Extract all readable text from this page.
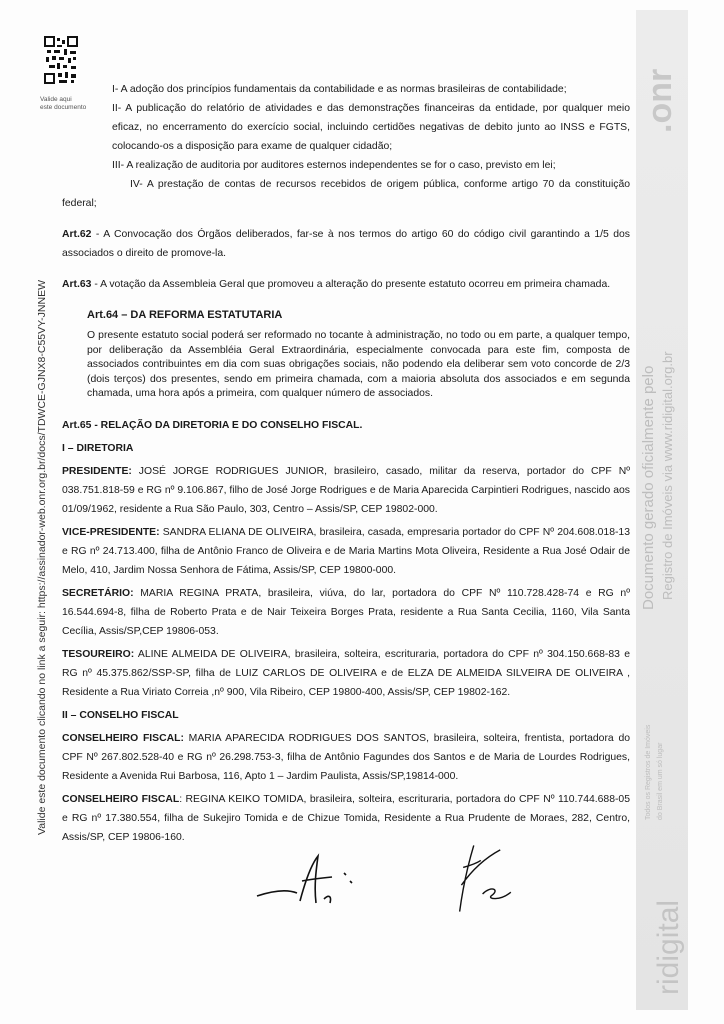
.onr
Documento gerado oficialmente pelo Registro de Imóveis via www.ridigital.org.br
Todos os Registros de Imóveis do Brasil em um só lugar
ridigital
Valide aqui
este documento
Valide este documento clicando no link a seguir: https://assinador-web.onr.org.br/docs/TDWCE-GJNX8-C55VY-JNNEW

I- A adoção dos princípios fundamentais da contabilidade e as normas brasileiras de contabilidade;

II- A publicação do relatório de atividades e das demonstrações financeiras da entidade, por qualquer meio eficaz, no encerramento do exercício social, incluindo certidões negativas de debito junto ao INSS e FGTS, colocando-os a disposição para exame de qualquer cidadão;

III- A realização de auditoria por auditores esternos independentes se for o caso, previsto em lei;

IV- A prestação de contas de recursos recebidos de origem pública, conforme artigo 70 da constituição federal;

Art.62 - A Convocação dos Órgãos deliberados, far-se à nos termos do artigo 60 do código civil garantindo a 1/5 dos associados o direito de promove-la.

Art.63 - A votação da Assembleia Geral que promoveu a alteração do presente estatuto ocorreu em primeira chamada.

Art.64 – DA REFORMA ESTATUTARIA

O presente estatuto social poderá ser reformado no tocante à administração, no todo ou em parte, a qualquer tempo, por deliberação da Assembléia Geral Extraordinária, especialmente convocada para este fim, composta de associados contribuintes em dia com suas obrigações sociais, não podendo ela deliberar sem voto concorde de 2/3 (dois terços) dos presentes, sendo em primeira chamada, com a maioria absoluta dos associados e em segunda chamada, uma hora após a primeira, com qualquer número de associados.

Art.65 - RELAÇÃO DA DIRETORIA E DO CONSELHO FISCAL.

I – DIRETORIA

PRESIDENTE: JOSÉ JORGE RODRIGUES JUNIOR, brasileiro, casado, militar da reserva, portador do CPF Nº 038.751.818-59 e RG nº 9.106.867, filho de José Jorge Rodrigues e de Maria Aparecida Carpintieri Rodrigues, nascido aos 01/09/1962, residente a Rua São Paulo, 303, Centro – Assis/SP, CEP 19802-000.

VICE-PRESIDENTE: SANDRA ELIANA DE OLIVEIRA, brasileira, casada, empresaria portador do CPF Nº 204.608.018-13 e RG nº 24.713.400, filha de Antônio Franco de Oliveira e de Maria Martins Mota Oliveira, Residente a Rua José Odair de Melo, 410, Jardim Nossa Senhora de Fátima, Assis/SP, CEP 19800-000.

SECRETÁRIO: MARIA REGINA PRATA, brasileira, viúva, do lar, portadora do CPF Nº 110.728.428-74 e RG nº 16.544.694-8, filha de Roberto Prata e de Nair Teixeira Borges Prata, residente a Rua Santa Cecilia, 1160, Vila Santa Cecília, Assis/SP,CEP 19806-053.

TESOUREIRO: ALINE ALMEIDA DE OLIVEIRA, brasileira, solteira, escrituraria, portadora do CPF nº 304.150.668-83 e RG nº 45.375.862/SSP-SP, filha de LUIZ CARLOS DE OLIVEIRA e de ELZA DE ALMEIDA SILVEIRA DE OLIVEIRA , Residente a Rua Viriato Correia ,nº 900, Vila Ribeiro, CEP 19800-400, Assis/SP, CEP 19802-162.

II – CONSELHO FISCAL

CONSELHEIRO FISCAL: MARIA APARECIDA RODRIGUES DOS SANTOS, brasileira, solteira, frentista, portadora do CPF Nº 267.802.528-40 e RG nº 26.298.753-3, filha de Antônio Fagundes dos Santos e de Maria de Lourdes Rodrigues, Residente a Avenida Rui Barbosa, 116, Apto 1 – Jardim Paulista, Assis/SP,19814-000.

CONSELHEIRO FISCAL: REGINA KEIKO TOMIDA, brasileira, solteira, escrituraria, portadora do CPF Nº 110.744.688-05 e RG nº 17.380.554, filha de Sukejiro Tomida e de Chizue Tomida, Residente a Rua Prudente de Moraes, 282, Centro, Assis/SP, CEP 19806-160.
